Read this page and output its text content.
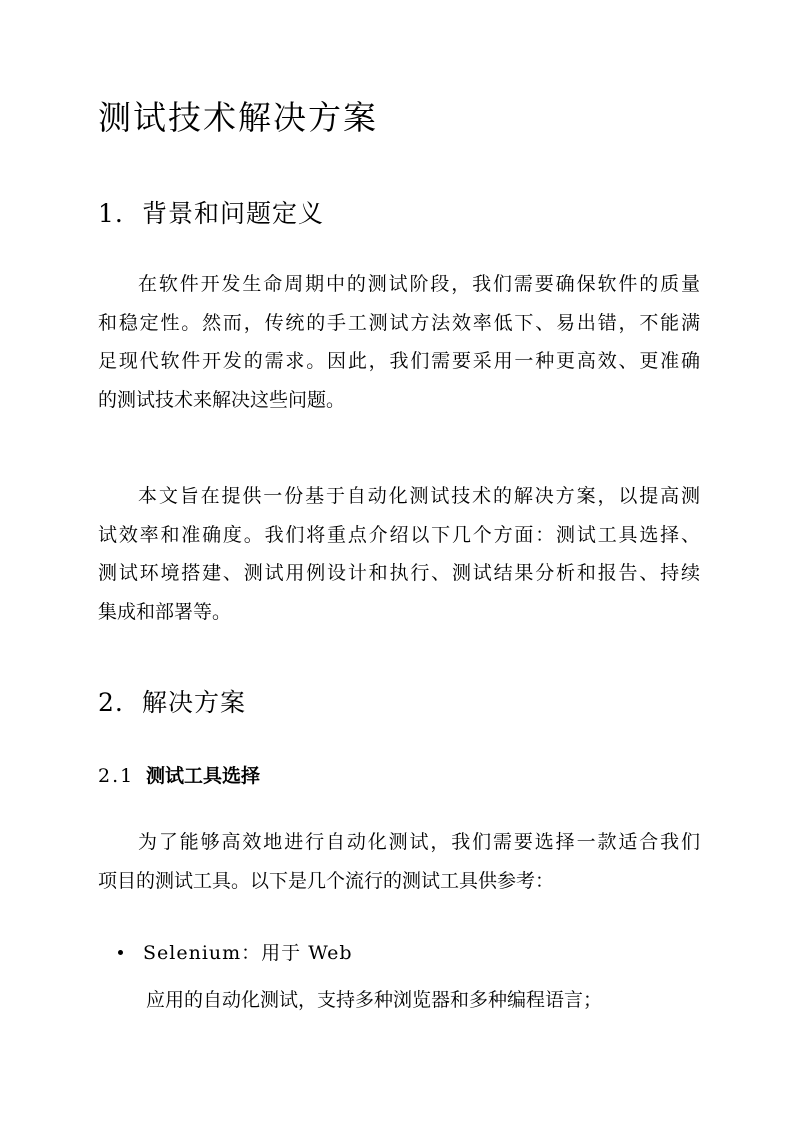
测试技术解决方案
1. 背景和问题定义
在软件开发生命周期中的测试阶段，我们需要确保软件的质量
和稳定性。然而，传统的手工测试方法效率低下、易出错，不能满
足现代软件开发的需求。因此，我们需要采用一种更高效、更准确
的测试技术来解决这些问题。
本文旨在提供一份基于自动化测试技术的解决方案，以提高测
试效率和准确度。我们将重点介绍以下几个方面：测试工具选择、
测试环境搭建、测试用例设计和执行、测试结果分析和报告、持续
集成和部署等。
2. 解决方案
2.1 测试工具选择
为了能够高效地进行自动化测试，我们需要选择一款适合我们
项目的测试工具。以下是几个流行的测试工具供参考：
Selenium：用于 Web
应用的自动化测试，支持多种浏览器和多种编程语言；
